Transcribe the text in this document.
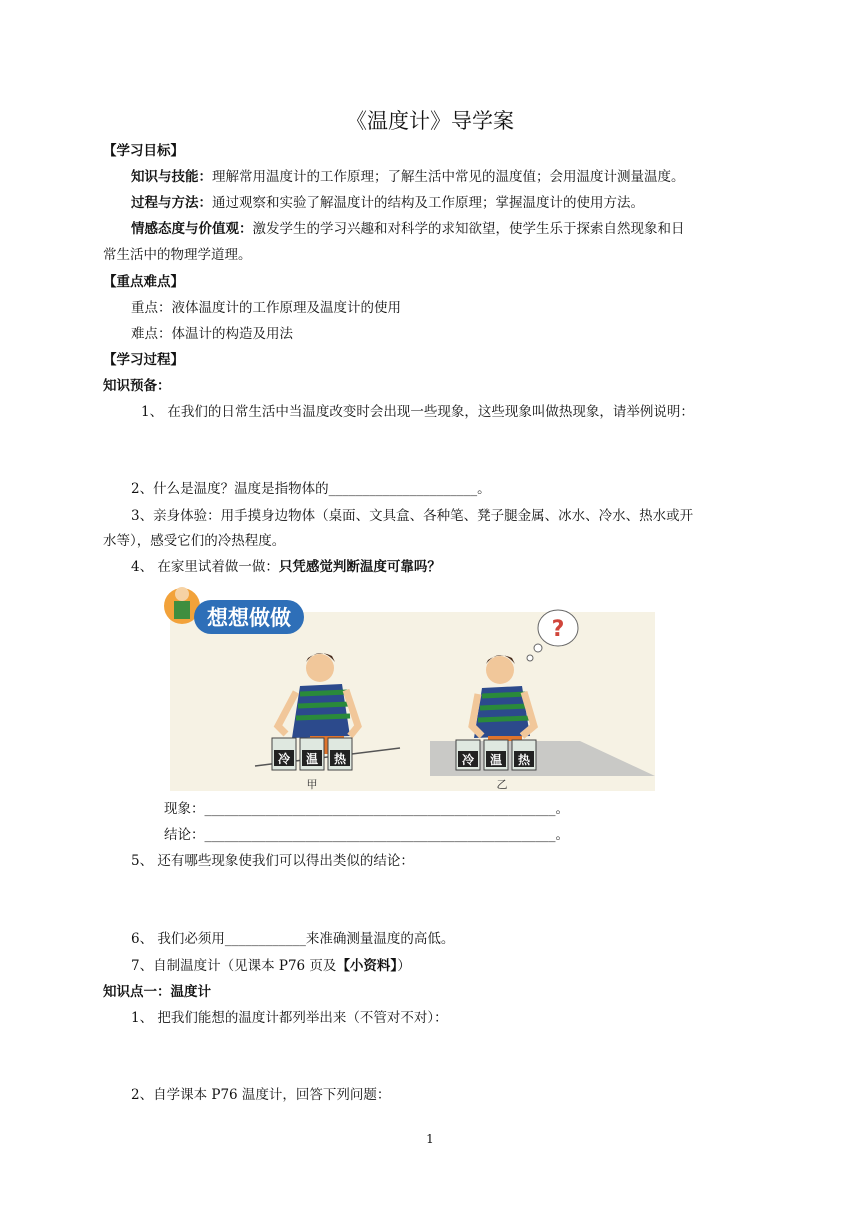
《温度计》导学案
【学习目标】
知识与技能：理解常用温度计的工作原理；了解生活中常见的温度值；会用温度计测量温度。
过程与方法：通过观察和实验了解温度计的结构及工作原理；掌握温度计的使用方法。
情感态度与价值观：激发学生的学习兴趣和对科学的求知欲望，使学生乐于探索自然现象和日
常生活中的物理学道理。
【重点难点】
重点：液体温度计的工作原理及温度计的使用
难点：体温计的构造及用法
【学习过程】
知识预备：
1、 在我们的日常生活中当温度改变时会出现一些现象，这些现象叫做热现象，请举例说明：
2、什么是温度？温度是指物体的______________________。
3、亲身体验：用手摸身边物体（桌面、文具盒、各种笔、凳子腿金属、冰水、冷水、热水或开
水等），感受它们的冷热程度。
4、 在家里试着做一做：只凭感觉判断温度可靠吗？
想想做做
冷 温 热
甲
?
冷 温 热
乙
现象：____________________________________________________。
结论：____________________________________________________。
5、 还有哪些现象使我们可以得出类似的结论：
6、 我们必须用____________来准确测量温度的高低。
7、自制温度计（见课本 P76 页及【小资料】）
知识点一：温度计
1、 把我们能想的温度计都列举出来（不管对不对）：
2、自学课本 P76 温度计，回答下列问题：
1
